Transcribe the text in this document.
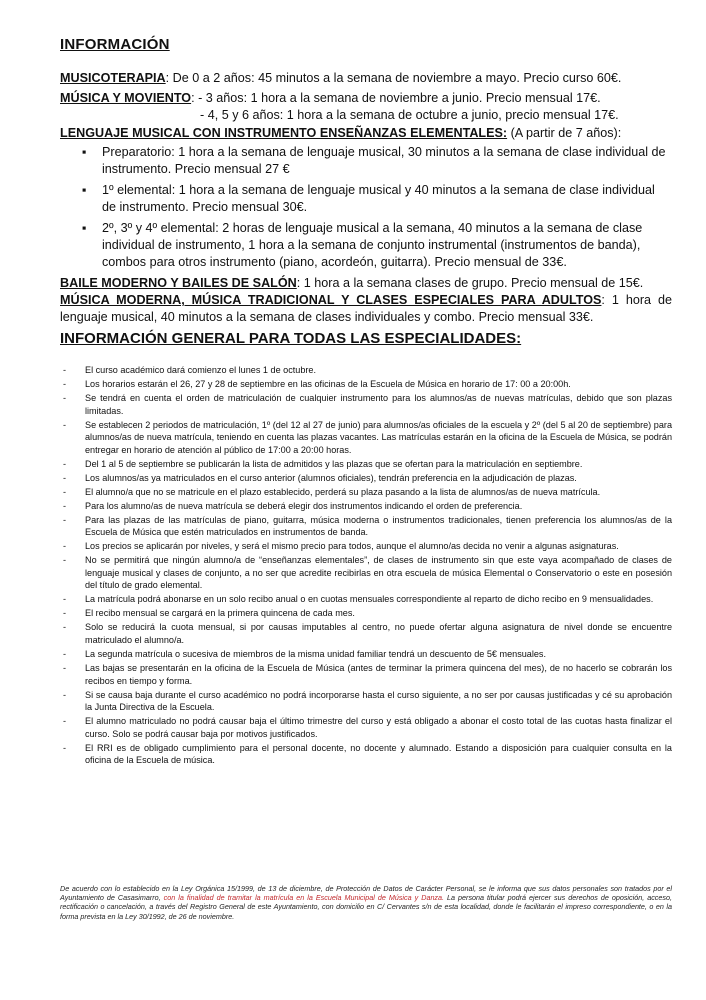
INFORMACIÓN
MUSICOTERAPIA: De 0 a 2 años: 45 minutos a la semana de noviembre a mayo. Precio curso 60€.
MÚSICA Y MOVIENTO: - 3 años: 1 hora a la semana de noviembre a junio. Precio mensual 17€.
- 4, 5 y 6 años: 1 hora a la semana de octubre a junio, precio mensual 17€.
LENGUAJE MUSICAL CON INSTRUMENTO ENSEÑANZAS ELEMENTALES: (A partir de 7 años):
▪ Preparatorio: 1 hora a la semana de lenguaje musical, 30 minutos a la semana de clase individual de instrumento. Precio mensual 27 €
▪ 1º elemental: 1 hora a la semana de lenguaje musical y 40 minutos a la semana de clase individual de instrumento. Precio mensual 30€.
▪ 2º, 3º y 4º elemental: 2 horas de lenguaje musical a la semana, 40 minutos a la semana de clase individual de instrumento, 1 hora a la semana de conjunto instrumental (instrumentos de banda), combos para otros instrumento (piano, acordeón, guitarra). Precio mensual de 33€.
BAILE MODERNO Y BAILES DE SALÓN: 1 hora a la semana clases de grupo. Precio mensual de 15€.
MÚSICA MODERNA, MÚSICA TRADICIONAL Y CLASES ESPECIALES PARA ADULTOS: 1 hora de lenguaje musical, 40 minutos a la semana de clases individuales y combo. Precio mensual 33€.
INFORMACIÓN GENERAL PARA TODAS LAS ESPECIALIDADES:
- El curso académico dará comienzo el lunes 1 de octubre.
- Los horarios estarán el 26, 27 y 28 de septiembre en las oficinas de la Escuela de Música en horario de 17: 00 a 20:00h.
- Se tendrá en cuenta el orden de matriculación de cualquier instrumento para los alumnos/as de nuevas matrículas, debido que son plazas limitadas.
- Se establecen 2 periodos de matriculación, 1º (del 12 al 27 de junio) para alumnos/as oficiales de la escuela y 2º (del 5 al 20 de septiembre) para alumnos/as de nueva matrícula, teniendo en cuenta las plazas vacantes. Las matrículas estarán en la oficina de la Escuela de Música, se podrán entregar en horario de atención al público de 17:00 a 20:00 horas.
- Del 1 al 5 de septiembre se publicarán la lista de admitidos y las plazas que se ofertan para la matriculación en septiembre.
- Los alumnos/as ya matriculados en el curso anterior (alumnos oficiales), tendrán preferencia en la adjudicación de plazas.
- El alumno/a que no se matricule en el plazo establecido, perderá su plaza pasando a la lista de alumnos/as de nueva matrícula.
- Para los alumno/as de nueva matrícula se deberá elegir dos instrumentos indicando el orden de preferencia.
- Para las plazas de las matrículas de piano, guitarra, música moderna o instrumentos tradicionales, tienen preferencia los alumnos/as de la Escuela de Música que estén matriculados en instrumentos de banda.
- Los precios se aplicarán por niveles, y será el mismo precio para todos, aunque el alumno/as decida no venir a algunas asignaturas.
- No se permitirá que ningún alumno/a de “enseñanzas elementales”, de clases de instrumento sin que este vaya acompañado de clases de lenguaje musical y clases de conjunto, a no ser que acredite recibirlas en otra escuela de música Elemental o Conservatorio o este en posesión del título de grado elemental.
- La matrícula podrá abonarse en un solo recibo anual o en cuotas mensuales correspondiente al reparto de dicho recibo en 9 mensualidades.
- El recibo mensual se cargará en la primera quincena de cada mes.
- Solo se reducirá la cuota mensual, si por causas imputables al centro, no puede ofertar alguna asignatura de nivel donde se encuentre matriculado el alumno/a.
- La segunda matrícula o sucesiva de miembros de la misma unidad familiar tendrá un descuento de 5€ mensuales.
- Las bajas se presentarán en la oficina de la Escuela de Música (antes de terminar la primera quincena del mes), de no hacerlo se cobrarán los recibos en tiempo y forma.
- Si se causa baja durante el curso académico no podrá incorporarse hasta el curso siguiente, a no ser por causas justificadas y cé su aprobación la Junta Directiva de la Escuela.
- El alumno matriculado no podrá causar baja el último trimestre del curso y está obligado a abonar el costo total de las cuotas hasta finalizar el curso. Solo se podrá causar baja por motivos justificados.
- El RRI es de obligado cumplimiento para el personal docente, no docente y alumnado. Estando a disposición para cualquier consulta en la oficina de la Escuela de música.
De acuerdo con lo establecido en la Ley Orgánica 15/1999, de 13 de diciembre, de Protección de Datos de Carácter Personal, se le informa que sus datos personales son tratados por el Ayuntamiento de Casasimarro, con la finalidad de tramitar la matrícula en la Escuela Municipal de Música y Danza. La persona titular podrá ejercer sus derechos de oposición, acceso, rectificación o cancelación, a través del Registro General de este Ayuntamiento, con domicilio en C/ Cervantes s/n de esta localidad, donde le facilitarán el impreso correspondiente, o en la forma prevista en la Ley 30/1992, de 26 de noviembre.
